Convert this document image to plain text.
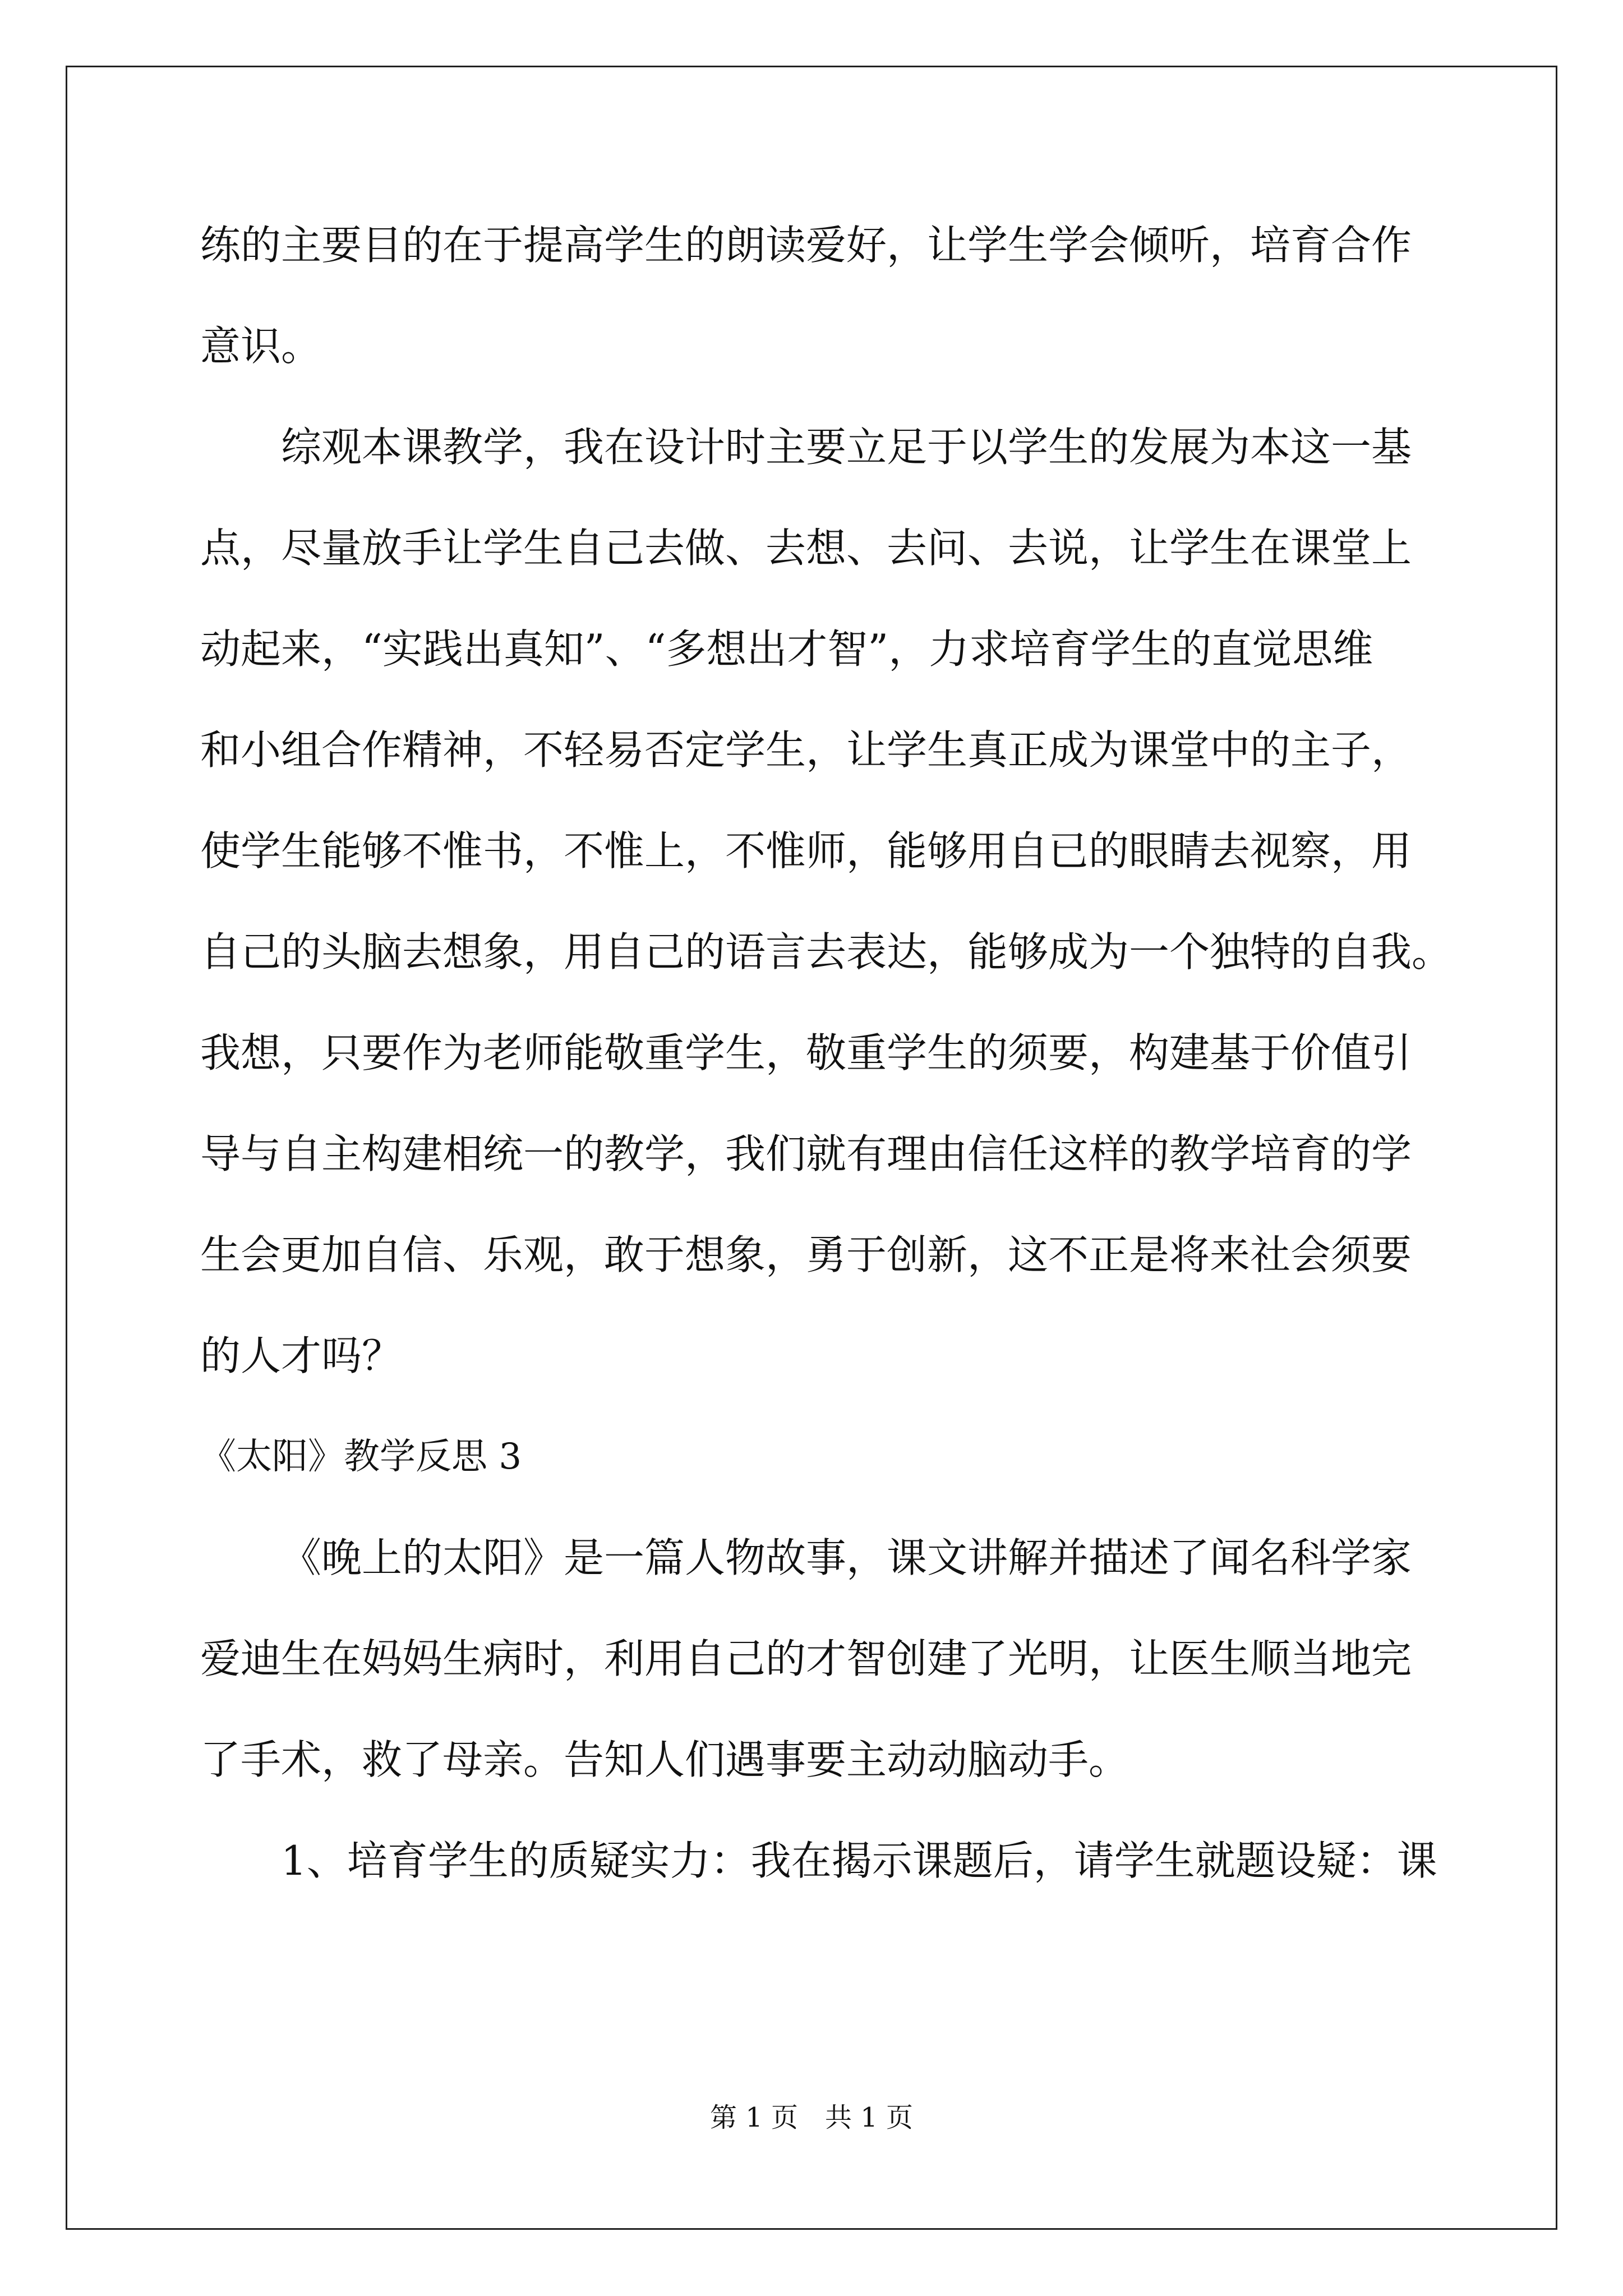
练的主要目的在于提高学生的朗读爱好，让学生学会倾听，培育合作
意识。
综观本课教学，我在设计时主要立足于以学生的发展为本这一基
点，尽量放手让学生自己去做、去想、去问、去说，让学生在课堂上
动起来，“实践出真知”、“多想出才智”，力求培育学生的直觉思维
和小组合作精神，不轻易否定学生，让学生真正成为课堂中的主子，
使学生能够不惟书，不惟上，不惟师，能够用自已的眼睛去视察，用
自己的头脑去想象，用自己的语言去表达，能够成为一个独特的自我。
我想，只要作为老师能敬重学生，敬重学生的须要，构建基于价值引
导与自主构建相统一的教学，我们就有理由信任这样的教学培育的学
生会更加自信、乐观，敢于想象，勇于创新，这不正是将来社会须要
的人才吗？
《太阳》教学反思 3
《晚上的太阳》是一篇人物故事，课文讲解并描述了闻名科学家
爱迪生在妈妈生病时，利用自己的才智创建了光明，让医生顺当地完
了手术，救了母亲。告知人们遇事要主动动脑动手。
1、培育学生的质疑实力：我在揭示课题后，请学生就题设疑：课
第 1 页　共 1 页
